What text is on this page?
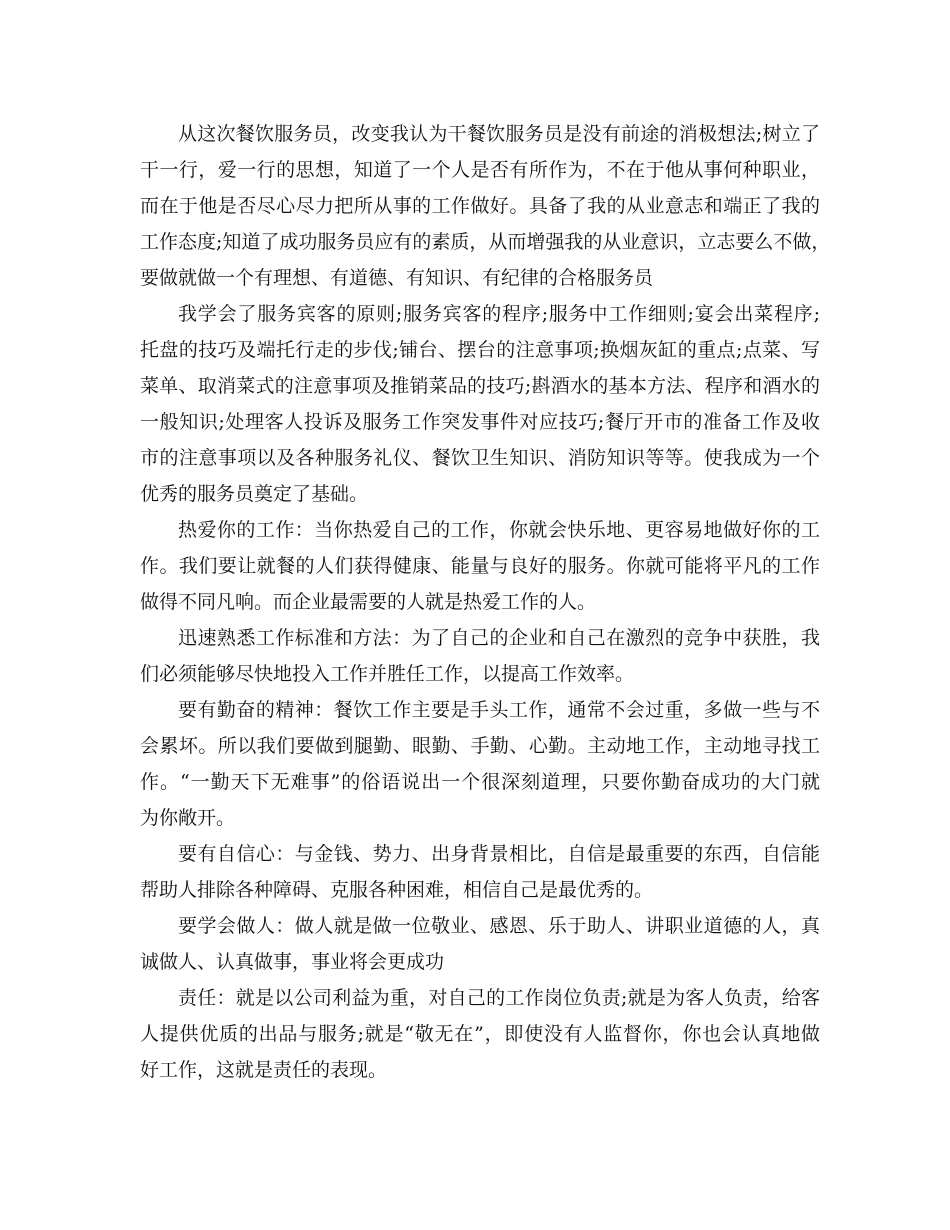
从这次餐饮服务员，改变我认为干餐饮服务员是没有前途的消极想法;树立了
干一行，爱一行的思想，知道了一个人是否有所作为，不在于他从事何种职业，
而在于他是否尽心尽力把所从事的工作做好。具备了我的从业意志和端正了我的
工作态度;知道了成功服务员应有的素质，从而增强我的从业意识，立志要么不做，
要做就做一个有理想、有道德、有知识、有纪律的合格服务员
我学会了服务宾客的原则;服务宾客的程序;服务中工作细则;宴会出菜程序;
托盘的技巧及端托行走的步伐;铺台、摆台的注意事项;换烟灰缸的重点;点菜、写
菜单、取消菜式的注意事项及推销菜品的技巧;斟酒水的基本方法、程序和酒水的
一般知识;处理客人投诉及服务工作突发事件对应技巧;餐厅开市的准备工作及收
市的注意事项以及各种服务礼仪、餐饮卫生知识、消防知识等等。使我成为一个
优秀的服务员奠定了基础。
热爱你的工作：当你热爱自己的工作，你就会快乐地、更容易地做好你的工
作。我们要让就餐的人们获得健康、能量与良好的服务。你就可能将平凡的工作
做得不同凡响。而企业最需要的人就是热爱工作的人。
迅速熟悉工作标准和方法：为了自己的企业和自己在激烈的竞争中获胜，我
们必须能够尽快地投入工作并胜任工作，以提高工作效率。
要有勤奋的精神：餐饮工作主要是手头工作，通常不会过重，多做一些与不
会累坏。所以我们要做到腿勤、眼勤、手勤、心勤。主动地工作，主动地寻找工
作。“一勤天下无难事”的俗语说出一个很深刻道理，只要你勤奋成功的大门就
为你敞开。
要有自信心：与金钱、势力、出身背景相比，自信是最重要的东西，自信能
帮助人排除各种障碍、克服各种困难，相信自己是最优秀的。
要学会做人：做人就是做一位敬业、感恩、乐于助人、讲职业道德的人，真
诚做人、认真做事，事业将会更成功
责任：就是以公司利益为重，对自己的工作岗位负责;就是为客人负责，给客
人提供优质的出品与服务;就是“敬无在”，即使没有人监督你，你也会认真地做
好工作，这就是责任的表现。
